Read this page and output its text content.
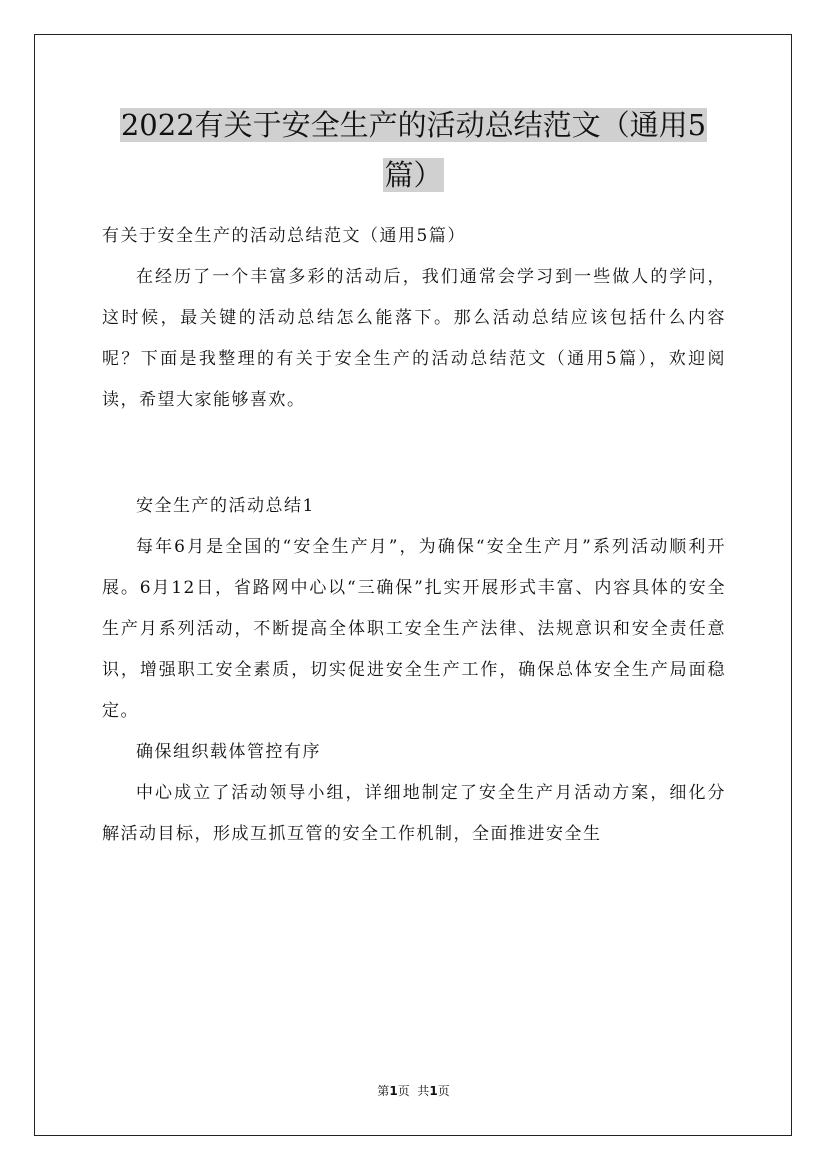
2022有关于安全生产的活动总结范文（通用5
篇）

有关于安全生产的活动总结范文（通用5篇）

在经历了一个丰富多彩的活动后，我们通常会学习到一些做人的学问，这时候，最关键的活动总结怎么能落下。那么活动总结应该包括什么内容呢？下面是我整理的有关于安全生产的活动总结范文（通用5篇），欢迎阅读，希望大家能够喜欢。

安全生产的活动总结1

每年6月是全国的“安全生产月”，为确保“安全生产月”系列活动顺利开展。6月12日，省路网中心以“三确保”扎实开展形式丰富、内容具体的安全生产月系列活动，不断提高全体职工安全生产法律、法规意识和安全责任意识，增强职工安全素质，切实促进安全生产工作，确保总体安全生产局面稳定。

确保组织载体管控有序

中心成立了活动领导小组，详细地制定了安全生产月活动方案，细化分解活动目标，形成互抓互管的安全工作机制，全面推进安全生

第1页  共1页
